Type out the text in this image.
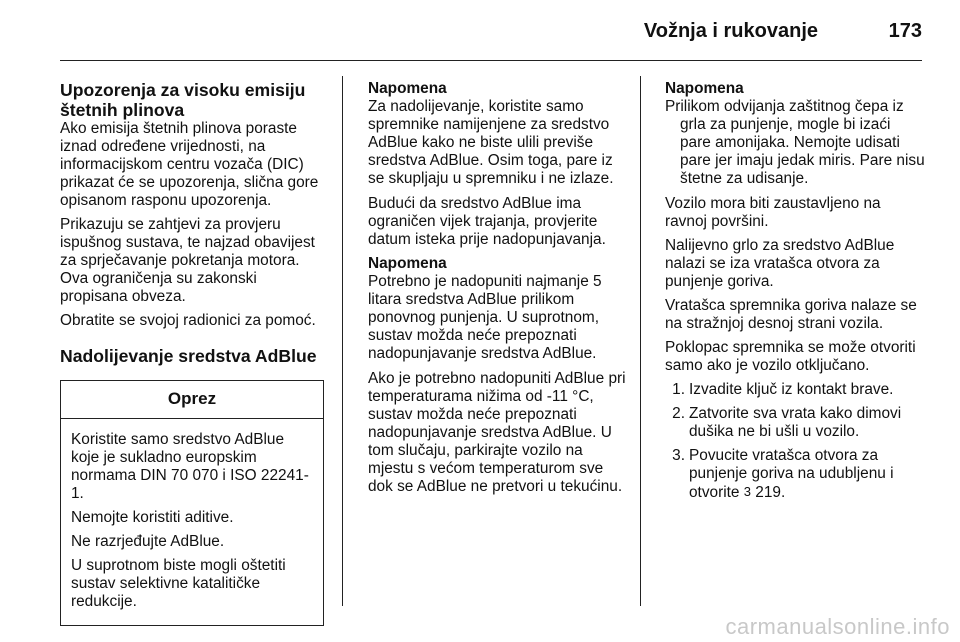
Vožnja i rukovanje	173
Upozorenja za visoku emisiju štetnih plinova

Ako emisija štetnih plinova poraste iznad određene vrijednosti, na informacijskom centru vozača (DIC) prikazat će se upozorenja, slična gore opisanom rasponu upozorenja.

Prikazuju se zahtjevi za provjeru ispušnog sustava, te najzad obavijest za sprječavanje pokretanja motora. Ova ograničenja su zakonski propisana obveza.

Obratite se svojoj radionici za pomoć.

Nadolijevanje sredstva AdBlue
Oprez

Koristite samo sredstvo AdBlue koje je sukladno europskim normama DIN 70 070 i ISO 22241-1.

Nemojte koristiti aditive.

Ne razrjeđujte AdBlue.

U suprotnom biste mogli oštetiti sustav selektivne katalitičke redukcije.

Napomena
Za nadolijevanje, koristite samo spremnike namijenjene za sredstvo AdBlue kako ne biste ulili previše sredstva AdBlue. Osim toga, pare iz se skupljaju u spremniku i ne izlaze.

Budući da sredstvo AdBlue ima ograničen vijek trajanja, provjerite datum isteka prije nadopunjavanja.

Napomena
Potrebno je nadopuniti najmanje 5 litara sredstva AdBlue prilikom ponovnog punjenja. U suprotnom, sustav možda neće prepoznati nadopunjavanje sredstva AdBlue.

Ako je potrebno nadopuniti AdBlue pri temperaturama nižima od -11 °C, sustav možda neće prepoznati nadopunjavanje sredstva AdBlue. U tom slučaju, parkirajte vozilo na mjestu s većom temperaturom sve dok se AdBlue ne pretvori u tekućinu.

Napomena
Prilikom odvijanja zaštitnog čepa iz grla za punjenje, mogle bi izaći pare amonijaka. Nemojte udisati pare jer imaju jedak miris. Pare nisu štetne za udisanje.

Vozilo mora biti zaustavljeno na ravnoj površini.

Nalijevno grlo za sredstvo AdBlue nalazi se iza vratašca otvora za punjenje goriva.

Vratašca spremnika goriva nalaze se na stražnjoj desnoj strani vozila.

Poklopac spremnika se može otvoriti samo ako je vozilo otključano.

1. Izvadite ključ iz kontakt brave.
2. Zatvorite sva vrata kako dimovi dušika ne bi ušli u vozilo.
3. Povucite vratašca otvora za punjenje goriva na udubljenu i otvorite 3 219.
carmanualsonline.info
